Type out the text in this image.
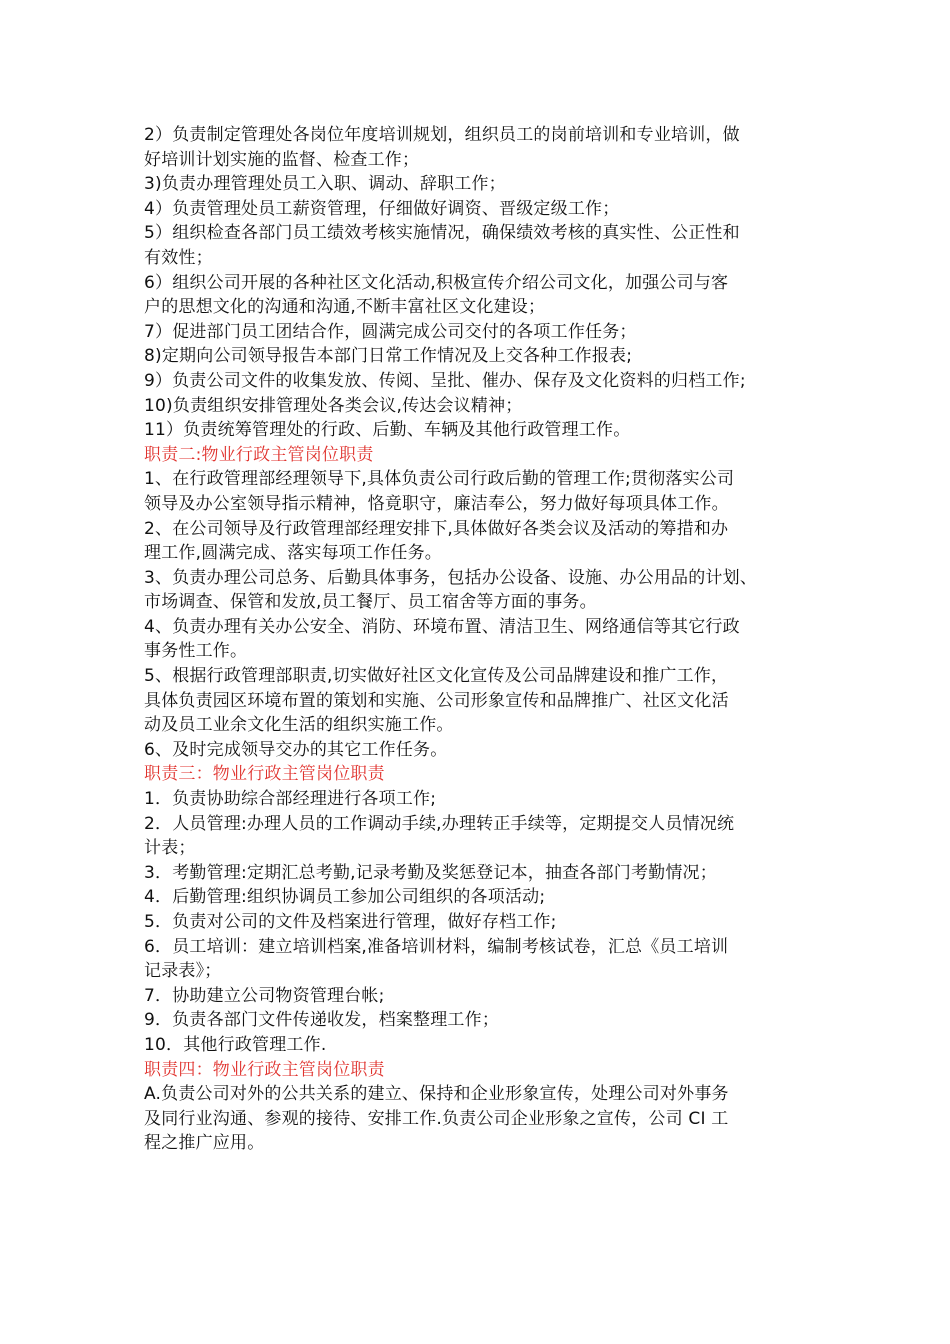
2）负责制定管理处各岗位年度培训规划，组织员工的岗前培训和专业培训，做
好培训计划实施的监督、检查工作；
3)负责办理管理处员工入职、调动、辞职工作；
4）负责管理处员工薪资管理，仔细做好调资、晋级定级工作；
5）组织检查各部门员工绩效考核实施情况，确保绩效考核的真实性、公正性和
有效性；
6）组织公司开展的各种社区文化活动,积极宣传介绍公司文化，加强公司与客
户的思想文化的沟通和沟通,不断丰富社区文化建设；
7）促进部门员工团结合作，圆满完成公司交付的各项工作任务；
8)定期向公司领导报告本部门日常工作情况及上交各种工作报表;
9）负责公司文件的收集发放、传阅、呈批、催办、保存及文化资料的归档工作;
10)负责组织安排管理处各类会议,传达会议精神；
11）负责统筹管理处的行政、后勤、车辆及其他行政管理工作。
职责二:物业行政主管岗位职责
1、在行政管理部经理领导下,具体负责公司行政后勤的管理工作;贯彻落实公司
领导及办公室领导指示精神，恪竟职守，廉洁奉公，努力做好每项具体工作。
2、在公司领导及行政管理部经理安排下,具体做好各类会议及活动的筹措和办
理工作,圆满完成、落实每项工作任务。
3、负责办理公司总务、后勤具体事务，包括办公设备、设施、办公用品的计划、
市场调查、保管和发放,员工餐厅、员工宿舍等方面的事务。
4、负责办理有关办公安全、消防、环境布置、清洁卫生、网络通信等其它行政
事务性工作。
5、根据行政管理部职责,切实做好社区文化宣传及公司品牌建设和推广工作，
具体负责园区环境布置的策划和实施、公司形象宣传和品牌推广、社区文化活
动及员工业余文化生活的组织实施工作。
6、及时完成领导交办的其它工作任务。
职责三：物业行政主管岗位职责
1．负责协助综合部经理进行各项工作;
2．人员管理:办理人员的工作调动手续,办理转正手续等，定期提交人员情况统
计表；
3．考勤管理:定期汇总考勤,记录考勤及奖惩登记本，抽查各部门考勤情况；
4．后勤管理:组织协调员工参加公司组织的各项活动;
5．负责对公司的文件及档案进行管理，做好存档工作;
6．员工培训：建立培训档案,准备培训材料，编制考核试卷，汇总《员工培训
记录表》；
7．协助建立公司物资管理台帐;
9．负责各部门文件传递收发，档案整理工作；
10．其他行政管理工作.
职责四：物业行政主管岗位职责
A.负责公司对外的公共关系的建立、保持和企业形象宣传，处理公司对外事务
及同行业沟通、参观的接待、安排工作.负责公司企业形象之宣传，公司 CI 工
程之推广应用。
